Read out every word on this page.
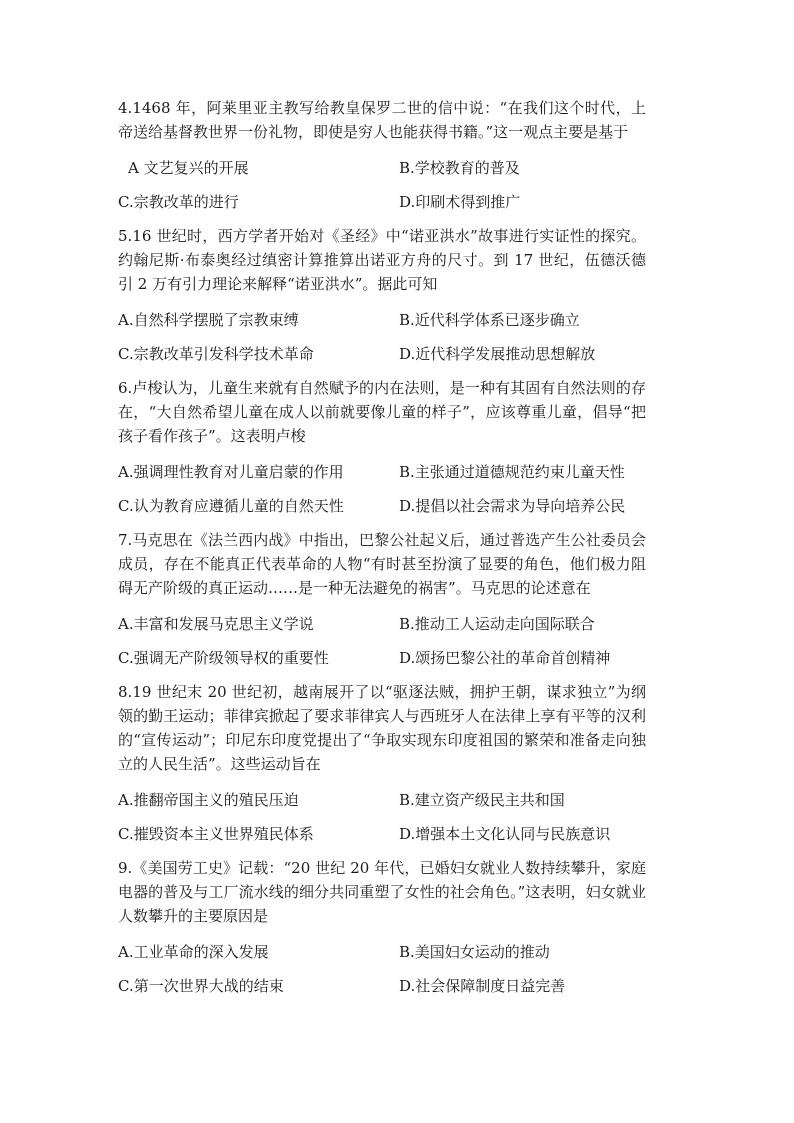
4.1468 年，阿莱里亚主教写给教皇保罗二世的信中说：“在我们这个时代，上帝送给基督教世界一份礼物，即使是穷人也能获得书籍。”这一观点主要是基于

A 文艺复兴的开展	B.学校教育的普及
C.宗教改革的进行	D.印刷术得到推广

5.16 世纪时，西方学者开始对《圣经》中“诺亚洪水”故事进行实证性的探究。约翰尼斯·布泰奥经过缜密计算推算出诺亚方舟的尺寸。到 17 世纪，伍德沃德引 2 万有引力理论来解释“诺亚洪水”。据此可知

A.自然科学摆脱了宗教束缚	B.近代科学体系已逐步确立
C.宗教改革引发科学技术革命	D.近代科学发展推动思想解放

6.卢梭认为，儿童生来就有自然赋予的内在法则，是一种有其固有自然法则的存在，“大自然希望儿童在成人以前就要像儿童的样子”，应该尊重儿童，倡导“把孩子看作孩子”。这表明卢梭

A.强调理性教育对儿童启蒙的作用	B.主张通过道德规范约束儿童天性
C.认为教育应遵循儿童的自然天性	D.提倡以社会需求为导向培养公民

7.马克思在《法兰西内战》中指出，巴黎公社起义后，通过普选产生公社委员会成员，存在不能真正代表革命的人物“有时甚至扮演了显要的角色，他们极力阻碍无产阶级的真正运动……是一种无法避免的祸害”。马克思的论述意在

A.丰富和发展马克思主义学说	B.推动工人运动走向国际联合
C.强调无产阶级领导权的重要性	D.颂扬巴黎公社的革命首创精神

8.19 世纪末 20 世纪初，越南展开了以“驱逐法贼，拥护王朝，谋求独立”为纲领的勤王运动；菲律宾掀起了要求菲律宾人与西班牙人在法律上享有平等的汉利的“宣传运动”；印尼东印度党提出了“争取实现东印度祖国的繁荣和准备走向独立的人民生活”。这些运动旨在

A.推翻帝国主义的殖民压迫	B.建立资产级民主共和国
C.摧毁资本主义世界殖民体系	D.增强本土文化认同与民族意识

9.《美国劳工史》记载：“20 世纪 20 年代，已婚妇女就业人数持续攀升，家庭电器的普及与工厂流水线的细分共同重塑了女性的社会角色。”这表明，妇女就业人数攀升的主要原因是

A.工业革命的深入发展	B.美国妇女运动的推动
C.第一次世界大战的结束	D.社会保障制度日益完善
